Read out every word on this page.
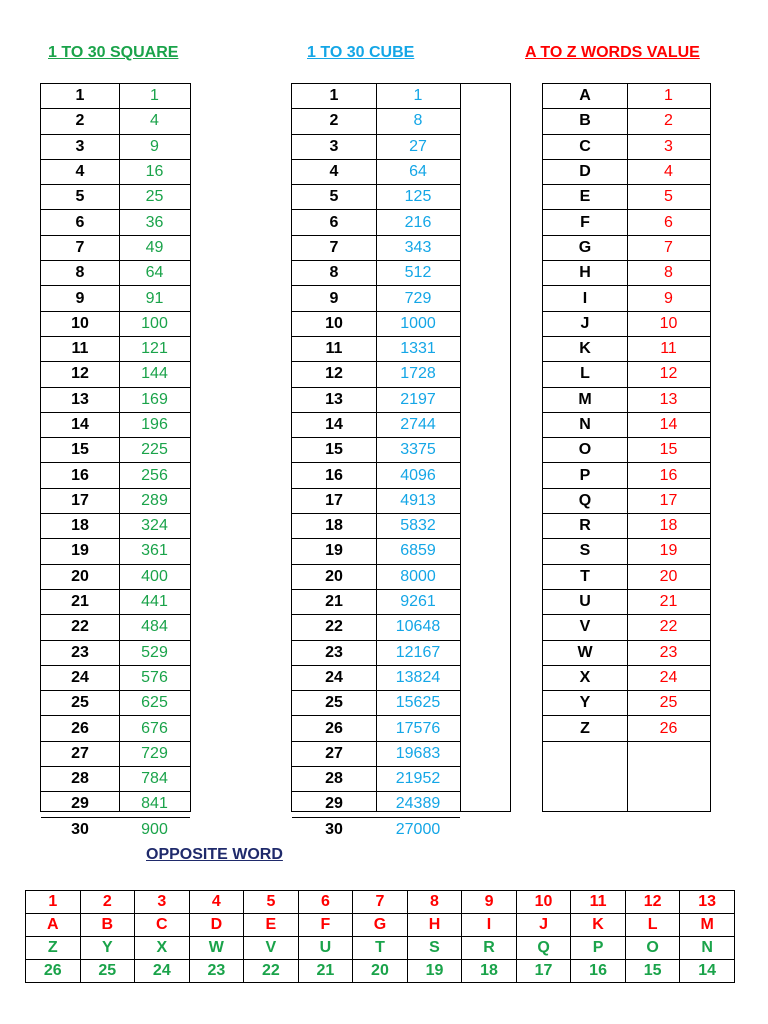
1 TO 30 SQUARE	1 TO 30 CUBE	A TO Z WORDS VALUE
1	1
2	4
3	9
4	16
5	25
6	36
7	49
8	64
9	91
10	100
11	121
12	144
13	169
14	196
15	225
16	256
17	289
18	324
19	361
20	400
21	441
22	484
23	529
24	576
25	625
26	676
27	729
28	784
29	841
30	900
1	1
2	8
3	27
4	64
5	125
6	216
7	343
8	512
9	729
10	1000
11	1331
12	1728
13	2197
14	2744
15	3375
16	4096
17	4913
18	5832
19	6859
20	8000
21	9261
22	10648
23	12167
24	13824
25	15625
26	17576
27	19683
28	21952
29	24389
30	27000
A	1
B	2
C	3
D	4
E	5
F	6
G	7
H	8
I	9
J	10
K	11
L	12
M	13
N	14
O	15
P	16
Q	17
R	18
S	19
T	20
U	21
V	22
W	23
X	24
Y	25
Z	26
OPPOSITE WORD
1	2	3	4	5	6	7	8	9	10	11	12	13
A	B	C	D	E	F	G	H	I	J	K	L	M
Z	Y	X	W	V	U	T	S	R	Q	P	O	N
26	25	24	23	22	21	20	19	18	17	16	15	14
